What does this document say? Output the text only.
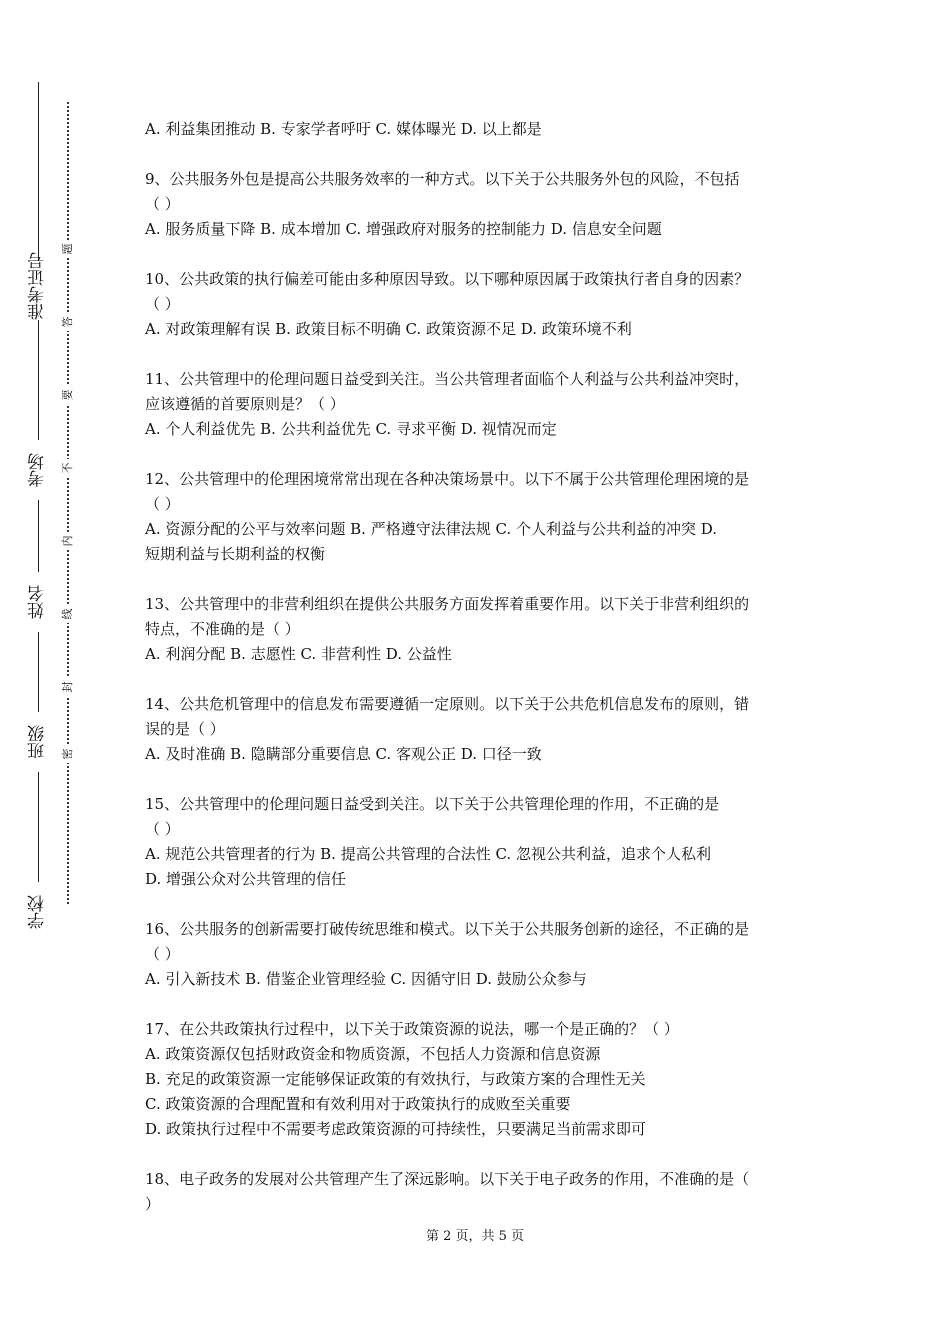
准考证号
考场
姓名
班级
学校
题
答
要
不
内
线
封
密
A. 利益集团推动 B. 专家学者呼吁 C. 媒体曝光 D. 以上都是
9、公共服务外包是提高公共服务效率的一种方式。以下关于公共服务外包的风险，不包括
（ ）
A. 服务质量下降 B. 成本增加 C. 增强政府对服务的控制能力 D. 信息安全问题
10、公共政策的执行偏差可能由多种原因导致。以下哪种原因属于政策执行者自身的因素？
（ ）
A. 对政策理解有误 B. 政策目标不明确 C. 政策资源不足 D. 政策环境不利
11、公共管理中的伦理问题日益受到关注。当公共管理者面临个人利益与公共利益冲突时，
应该遵循的首要原则是？（ ）
A. 个人利益优先 B. 公共利益优先 C. 寻求平衡 D. 视情况而定
12、公共管理中的伦理困境常常出现在各种决策场景中。以下不属于公共管理伦理困境的是
（ ）
A. 资源分配的公平与效率问题 B. 严格遵守法律法规 C. 个人利益与公共利益的冲突 D.
短期利益与长期利益的权衡
13、公共管理中的非营利组织在提供公共服务方面发挥着重要作用。以下关于非营利组织的
特点，不准确的是（ ）
A. 利润分配 B. 志愿性 C. 非营利性 D. 公益性
14、公共危机管理中的信息发布需要遵循一定原则。以下关于公共危机信息发布的原则，错
误的是（ ）
A. 及时准确 B. 隐瞒部分重要信息 C. 客观公正 D. 口径一致
15、公共管理中的伦理问题日益受到关注。以下关于公共管理伦理的作用，不正确的是
（ ）
A. 规范公共管理者的行为 B. 提高公共管理的合法性 C. 忽视公共利益，追求个人私利
D. 增强公众对公共管理的信任
16、公共服务的创新需要打破传统思维和模式。以下关于公共服务创新的途径，不正确的是
（ ）
A. 引入新技术 B. 借鉴企业管理经验 C. 因循守旧 D. 鼓励公众参与
17、在公共政策执行过程中，以下关于政策资源的说法，哪一个是正确的？（ ）
A. 政策资源仅包括财政资金和物质资源，不包括人力资源和信息资源
B. 充足的政策资源一定能够保证政策的有效执行，与政策方案的合理性无关
C. 政策资源的合理配置和有效利用对于政策执行的成败至关重要
D. 政策执行过程中不需要考虑政策资源的可持续性，只要满足当前需求即可
18、电子政务的发展对公共管理产生了深远影响。以下关于电子政务的作用，不准确的是（
）
第 2 页，共 5 页
